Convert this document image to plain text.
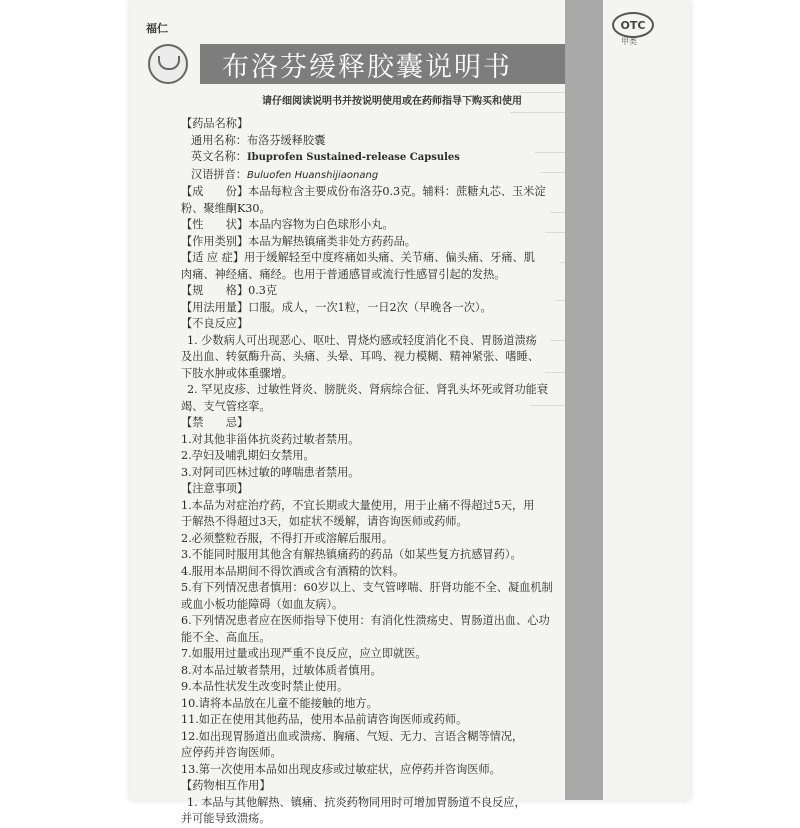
OTC
甲类
福仁
布洛芬缓释胶囊说明书
请仔细阅读说明书并按说明使用或在药师指导下购买和使用

【药品名称】

通用名称：布洛芬缓释胶囊

英文名称：Ibuprofen Sustained-release Capsules

汉语拼音：Buluofen Huanshijiaonang

【成　　份】本品每粒含主要成份布洛芬0.3克。辅料：蔗糖丸芯、玉米淀

粉、聚维酮K30。

【性　　状】本品内容物为白色球形小丸。

【作用类别】本品为解热镇痛类非处方药药品。

【适 应 症】用于缓解轻至中度疼痛如头痛、关节痛、偏头痛、牙痛、肌

肉痛、神经痛、痛经。也用于普通感冒或流行性感冒引起的发热。

【规　　格】0.3克

【用法用量】口服。成人，一次1粒，一日2次（早晚各一次）。

【不良反应】

1. 少数病人可出现恶心、呕吐、胃烧灼感或轻度消化不良、胃肠道溃疡

及出血、转氨酶升高、头痛、头晕、耳鸣、视力模糊、精神紧张、嗜睡、

下肢水肿或体重骤增。

2. 罕见皮疹、过敏性肾炎、膀胱炎、肾病综合征、肾乳头坏死或肾功能衰

竭、支气管痉挛。

【禁　　忌】

1.对其他非甾体抗炎药过敏者禁用。

2.孕妇及哺乳期妇女禁用。

3.对阿司匹林过敏的哮喘患者禁用。

【注意事项】

1.本品为对症治疗药，不宜长期或大量使用，用于止痛不得超过5天，用

于解热不得超过3天，如症状不缓解，请咨询医师或药师。

2.必须整粒吞服，不得打开或溶解后服用。

3.不能同时服用其他含有解热镇痛药的药品（如某些复方抗感冒药）。

4.服用本品期间不得饮酒或含有酒精的饮料。

5.有下列情况患者慎用：60岁以上、支气管哮喘、肝肾功能不全、凝血机制

或血小板功能障碍（如血友病）。

6.下列情况患者应在医师指导下使用：有消化性溃疡史、胃肠道出血、心功

能不全、高血压。

7.如服用过量或出现严重不良反应，应立即就医。

8.对本品过敏者禁用，过敏体质者慎用。

9.本品性状发生改变时禁止使用。

10.请将本品放在儿童不能接触的地方。

11.如正在使用其他药品，使用本品前请咨询医师或药师。

12.如出现胃肠道出血或溃疡、胸痛、气短、无力、言语含糊等情况，

应停药并咨询医师。

13.第一次使用本品如出现皮疹或过敏症状，应停药并咨询医师。

【药物相互作用】

1. 本品与其他解热、镇痛、抗炎药物同用时可增加胃肠道不良反应，

并可能导致溃疡。
